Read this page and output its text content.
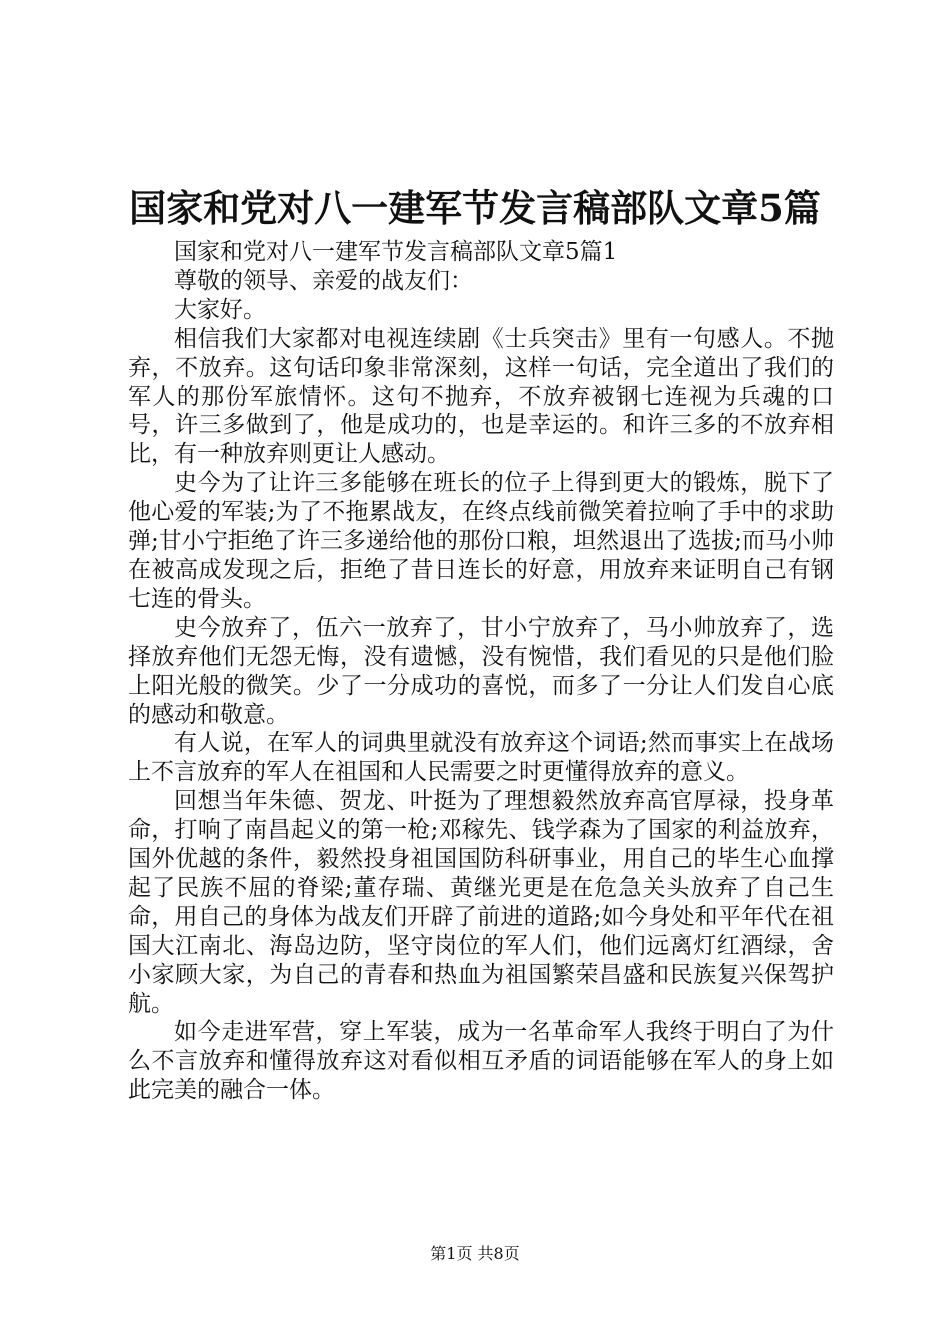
国家和党对八一建军节发言稿部队文章5篇

国家和党对八一建军节发言稿部队文章5篇1

尊敬的领导、亲爱的战友们：

大家好。

相信我们大家都对电视连续剧《士兵突击》里有一句感人。不抛弃，不放弃。这句话印象非常深刻，这样一句话，完全道出了我们的军人的那份军旅情怀。这句不抛弃，不放弃被钢七连视为兵魂的口号，许三多做到了，他是成功的，也是幸运的。和许三多的不放弃相比，有一种放弃则更让人感动。

史今为了让许三多能够在班长的位子上得到更大的锻炼，脱下了他心爱的军装;为了不拖累战友，在终点线前微笑着拉响了手中的求助弹;甘小宁拒绝了许三多递给他的那份口粮，坦然退出了选拔;而马小帅在被高成发现之后，拒绝了昔日连长的好意，用放弃来证明自己有钢七连的骨头。

史今放弃了，伍六一放弃了，甘小宁放弃了，马小帅放弃了，选择放弃他们无怨无悔，没有遗憾，没有惋惜，我们看见的只是他们脸上阳光般的微笑。少了一分成功的喜悦，而多了一分让人们发自心底的感动和敬意。

有人说，在军人的词典里就没有放弃这个词语;然而事实上在战场上不言放弃的军人在祖国和人民需要之时更懂得放弃的意义。

回想当年朱德、贺龙、叶挺为了理想毅然放弃高官厚禄，投身革命，打响了南昌起义的第一枪;邓稼先、钱学森为了国家的利益放弃，国外优越的条件，毅然投身祖国国防科研事业，用自己的毕生心血撑起了民族不屈的脊梁;董存瑞、黄继光更是在危急关头放弃了自己生命，用自己的身体为战友们开辟了前进的道路;如今身处和平年代在祖国大江南北、海岛边防，坚守岗位的军人们，他们远离灯红酒绿，舍小家顾大家，为自己的青春和热血为祖国繁荣昌盛和民族复兴保驾护航。

如今走进军营，穿上军装，成为一名革命军人我终于明白了为什么不言放弃和懂得放弃这对看似相互矛盾的词语能够在军人的身上如此完美的融合一体。

第1页 共8页
